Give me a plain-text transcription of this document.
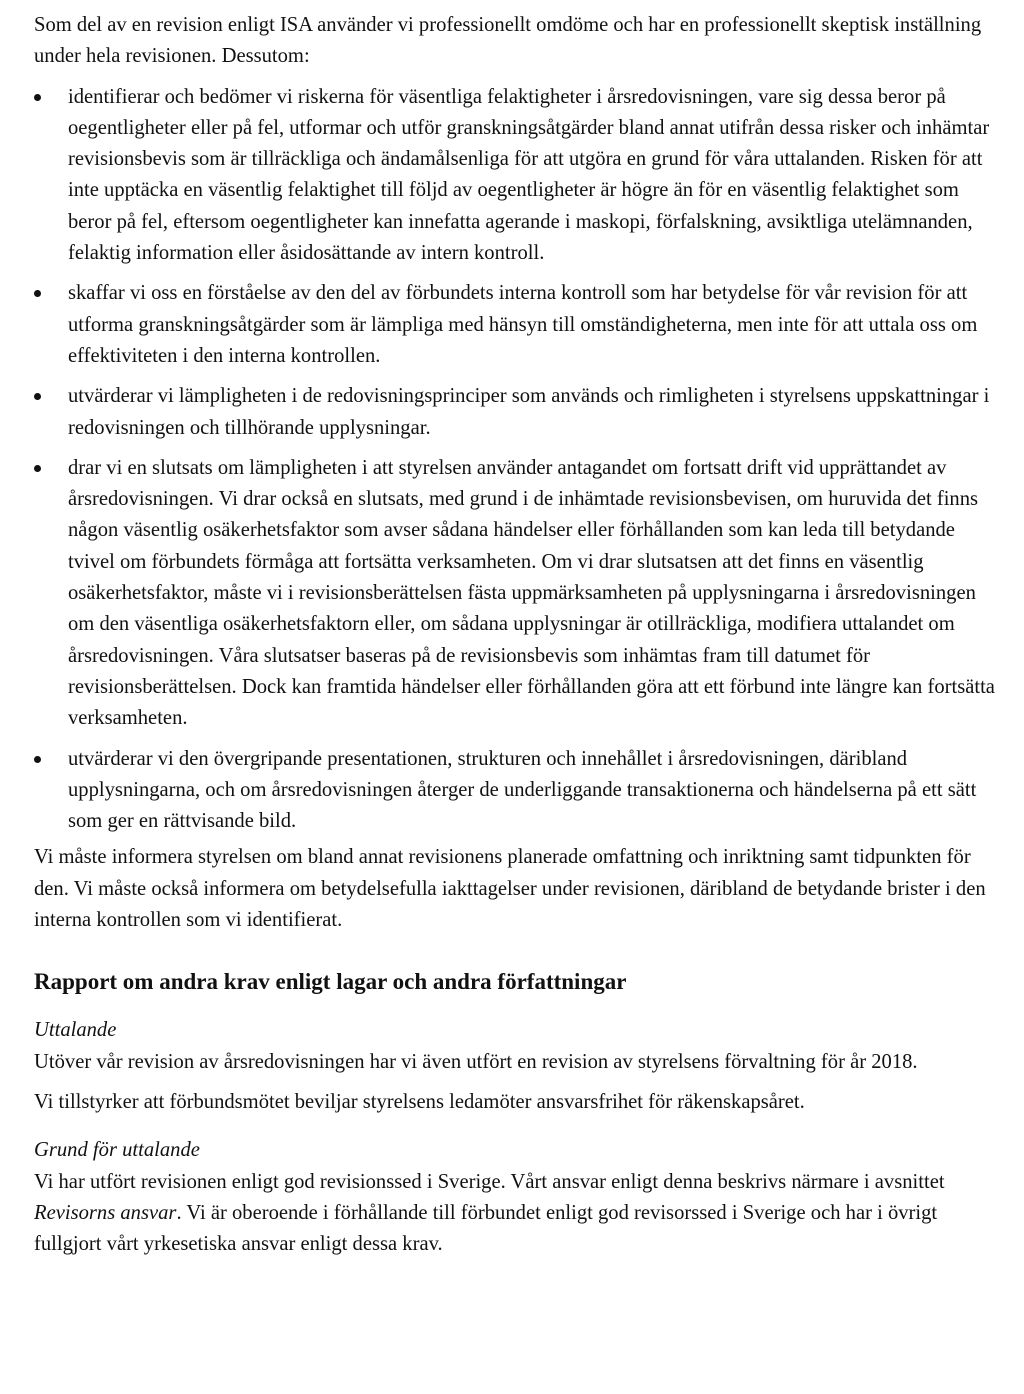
Som del av en revision enligt ISA använder vi professionellt omdöme och har en professionellt skeptisk inställning under hela revisionen. Dessutom:

identifierar och bedömer vi riskerna för väsentliga felaktigheter i årsredovisningen, vare sig dessa beror på oegentligheter eller på fel, utformar och utför granskningsåtgärder bland annat utifrån dessa risker och inhämtar revisionsbevis som är tillräckliga och ändamålsenliga för att utgöra en grund för våra uttalanden. Risken för att inte upptäcka en väsentlig felaktighet till följd av oegentligheter är högre än för en väsentlig felaktighet som beror på fel, eftersom oegentligheter kan innefatta agerande i maskopi, förfalskning, avsiktliga utelämnanden, felaktig information eller åsidosättande av intern kontroll.
skaffar vi oss en förståelse av den del av förbundets interna kontroll som har betydelse för vår revision för att utforma granskningsåtgärder som är lämpliga med hänsyn till omständigheterna, men inte för att uttala oss om effektiviteten i den interna kontrollen.
utvärderar vi lämpligheten i de redovisningsprinciper som används och rimligheten i styrelsens uppskattningar i redovisningen och tillhörande upplysningar.
drar vi en slutsats om lämpligheten i att styrelsen använder antagandet om fortsatt drift vid upprättandet av årsredovisningen. Vi drar också en slutsats, med grund i de inhämtade revisionsbevisen, om huruvida det finns någon väsentlig osäkerhetsfaktor som avser sådana händelser eller förhållanden som kan leda till betydande tvivel om förbundets förmåga att fortsätta verksamheten. Om vi drar slutsatsen att det finns en väsentlig osäkerhetsfaktor, måste vi i revisionsberättelsen fästa uppmärksamheten på upplysningarna i årsredovisningen om den väsentliga osäkerhetsfaktorn eller, om sådana upplysningar är otillräckliga, modifiera uttalandet om årsredovisningen. Våra slutsatser baseras på de revisionsbevis som inhämtas fram till datumet för revisionsberättelsen. Dock kan framtida händelser eller förhållanden göra att ett förbund inte längre kan fortsätta verksamheten.
utvärderar vi den övergripande presentationen, strukturen och innehållet i årsredovisningen, däribland upplysningarna, och om årsredovisningen återger de underliggande transaktionerna och händelserna på ett sätt som ger en rättvisande bild.

Vi måste informera styrelsen om bland annat revisionens planerade omfattning och inriktning samt tidpunkten för den. Vi måste också informera om betydelsefulla iakttagelser under revisionen, däribland de betydande brister i den interna kontrollen som vi identifierat.

Rapport om andra krav enligt lagar och andra författningar

Uttalande

Utöver vår revision av årsredovisningen har vi även utfört en revision av styrelsens förvaltning för år 2018.

Vi tillstyrker att förbundsmötet beviljar styrelsens ledamöter ansvarsfrihet för räkenskapsåret.

Grund för uttalande

Vi har utfört revisionen enligt god revisionssed i Sverige. Vårt ansvar enligt denna beskrivs närmare i avsnittet Revisorns ansvar. Vi är oberoende i förhållande till förbundet enligt god revisorssed i Sverige och har i övrigt fullgjort vårt yrkesetiska ansvar enligt dessa krav.
